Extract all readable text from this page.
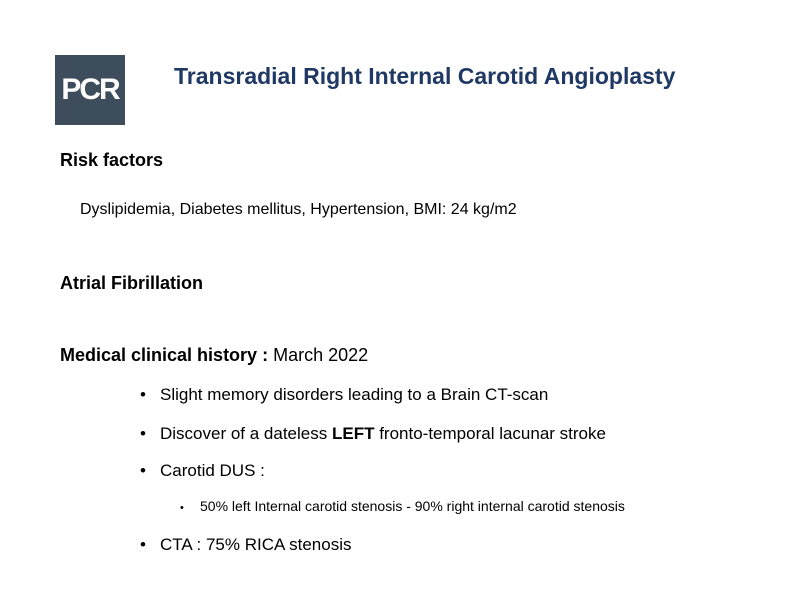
PCR Transradial Right Internal Carotid Angioplasty
Risk factors
Dyslipidemia, Diabetes mellitus, Hypertension, BMI: 24 kg/m2
Atrial Fibrillation
Medical clinical history : March 2022
• Slight memory disorders leading to a Brain CT-scan
• Discover of a dateless LEFT fronto-temporal lacunar stroke
• Carotid DUS :
• 50% left Internal carotid stenosis - 90% right internal carotid stenosis
• CTA : 75% RICA stenosis
